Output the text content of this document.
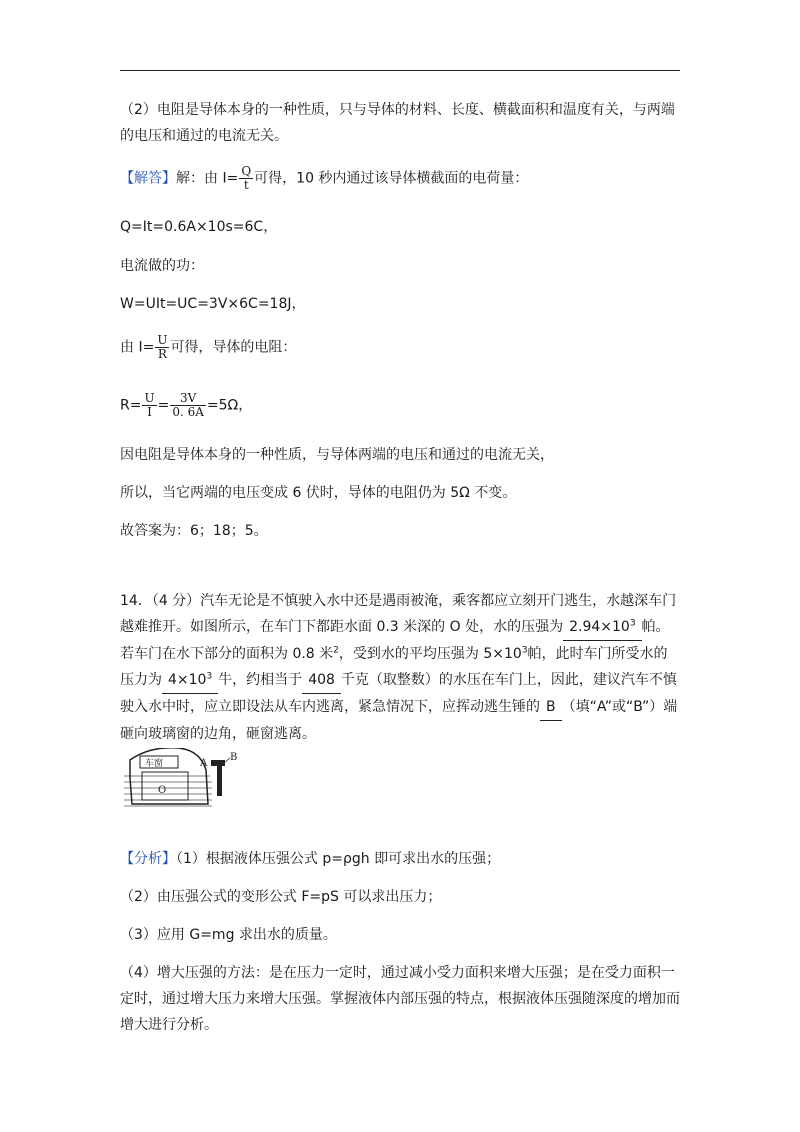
（2）电阻是导体本身的一种性质，只与导体的材料、长度、横截面积和温度有关，与两端的电压和通过的电流无关。
【解答】解：由 $I= \frac{Q}{t}$ 可得，10 秒内通过该导体横截面的电荷量：
Q=It=0.6A×10s=6C，
电流做的功：
W=UIt=UC=3V×6C=18J，
由 $I= \frac{U}{R}$ 可得，导体的电阻：
$R= \frac{U}{I} = \frac{3V}{0. 6A} =5\Omega$，
因电阻是导体本身的一种性质，与导体两端的电压和通过的电流无关，
所以，当它两端的电压变成 6 伏时，导体的电阻仍为 5Ω 不变。
故答案为：6；18；5。
14．（4 分）汽车无论是不慎驶入水中还是遇雨被淹，乘客都应立刻开门逃生，水越深车门越难推开。如图所示，在车门下都距水面 0.3 米深的 O 处，水的压强为 $2.94\times 10^3$ 帕。若车门在水下部分的面积为 0.8 米$^2$，受到水的平均压强为 $5\times 10^3$帕，此时车门所受水的压力为 $4\times 10^3$ 牛，约相当于 408 千克（取整数）的水压在车门上，因此，建议汽车不慎驶入水中时，应立即设法从车内逃离，紧急情况下，应挥动逃生锤的 B （填“A”或“B”）端砸向玻璃窗的边角，砸窗逃离。
车窗
O
A
B
【分析】（1）根据液体压强公式 p=ρgh 即可求出水的压强；
（2）由压强公式的变形公式 F=pS 可以求出压力；
（3）应用 G=mg 求出水的质量。
（4）增大压强的方法：是在压力一定时，通过减小受力面积来增大压强；是在受力面积一定时，通过增大压力来增大压强。掌握液体内部压强的特点，根据液体压强随深度的增加而增大进行分析。
